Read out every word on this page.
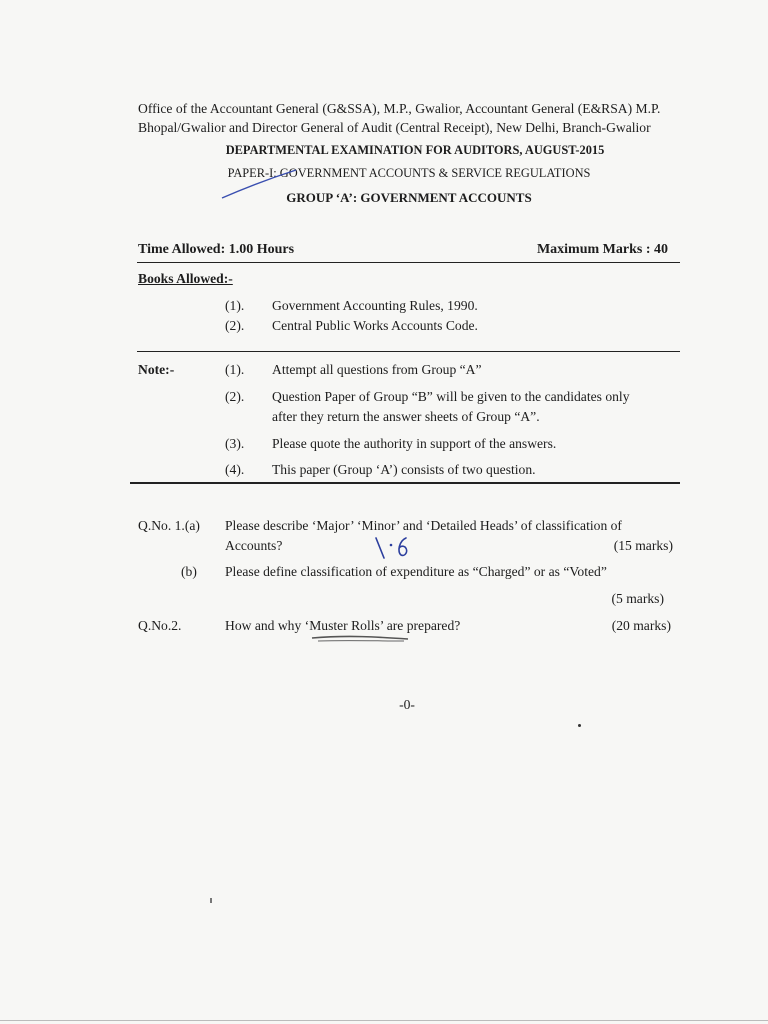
Office of the Accountant General (G&SSA), M.P., Gwalior, Accountant General (E&RSA) M.P.
Bhopal/Gwalior and Director General of Audit (Central Receipt), New Delhi, Branch-Gwalior
DEPARTMENTAL EXAMINATION FOR AUDITORS, AUGUST-2015
PAPER-I: GOVERNMENT ACCOUNTS & SERVICE REGULATIONS
GROUP ‘A’: GOVERNMENT ACCOUNTS
Time Allowed: 1.00 Hours	Maximum Marks : 40
Books Allowed:-
(1). Government Accounting Rules, 1990.
(2). Central Public Works Accounts Code.
Note:-	(1). Attempt all questions from Group “A”
(2). Question Paper of Group “B” will be given to the candidates only
after they return the answer sheets of Group “A”.
(3). Please quote the authority in support of the answers.
(4). This paper (Group ‘A’) consists of two question.
Q.No. 1.(a) Please describe ‘Major’ ‘Minor’ and ‘Detailed Heads’ of classification of
Accounts?	(15 marks)
(b) Please define classification of expenditure as “Charged” or as “Voted”
(5 marks)
Q.No.2.	How and why ‘Muster Rolls’ are prepared?	(20 marks)
-0-
